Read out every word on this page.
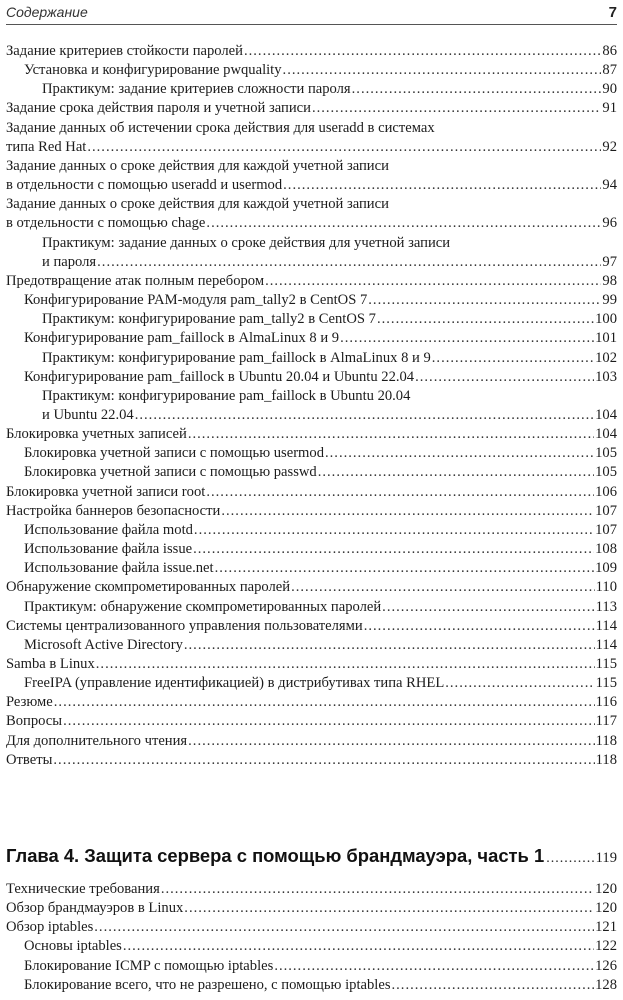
Содержание	7
Задание критериев стойкости паролей .....	86
Установка и конфигурирование pwquality .....	87
Практикум: задание критериев сложности пароля .....	90
Задание срока действия пароля и учетной записи .....	91
Задание данных об истечении срока действия для useradd в системах
типа Red Hat .....	92
Задание данных о сроке действия для каждой учетной записи
в отдельности с помощью useradd и usermod .....	94
Задание данных о сроке действия для каждой учетной записи
в отдельности с помощью chage .....	96
Практикум: задание данных о сроке действия для учетной записи
и пароля .....	97
Предотвращение атак полным перебором .....	98
Конфигурирование PAM-модуля pam_tally2 в CentOS 7 .....	99
Практикум: конфигурирование pam_tally2 в CentOS 7 .....	100
Конфигурирование pam_faillock в AlmaLinux 8 и 9 .....	101
Практикум: конфигурирование pam_faillock в AlmaLinux 8 и 9 .....	102
Конфигурирование pam_faillock в Ubuntu 20.04 и Ubuntu 22.04 .....	103
Практикум: конфигурирование pam_faillock в Ubuntu 20.04
и Ubuntu 22.04 .....	104
Блокировка учетных записей .....	104
Блокировка учетной записи с помощью usermod .....	105
Блокировка учетной записи с помощью passwd .....	105
Блокировка учетной записи root .....	106
Настройка баннеров безопасности .....	107
Использование файла motd .....	107
Использование файла issue .....	108
Использование файла issue.net .....	109
Обнаружение скомпрометированных паролей .....	110
Практикум: обнаружение скомпрометированных паролей .....	113
Системы централизованного управления пользователями .....	114
Microsoft Active Directory .....	114
Samba в Linux .....	115
FreeIPA (управление идентификацией) в дистрибутивах типа RHEL .....	115
Резюме .....	116
Вопросы .....	117
Для дополнительного чтения .....	118
Ответы .....	118
Глава 4. Защита сервера с помощью брандмауэра, часть 1 .....	119
Технические требования .....	120
Обзор брандмауэров в Linux .....	120
Обзор iptables .....	121
Основы iptables .....	122
Блокирование ICMP с помощью iptables .....	126
Блокирование всего, что не разрешено, с помощью iptables .....	128
